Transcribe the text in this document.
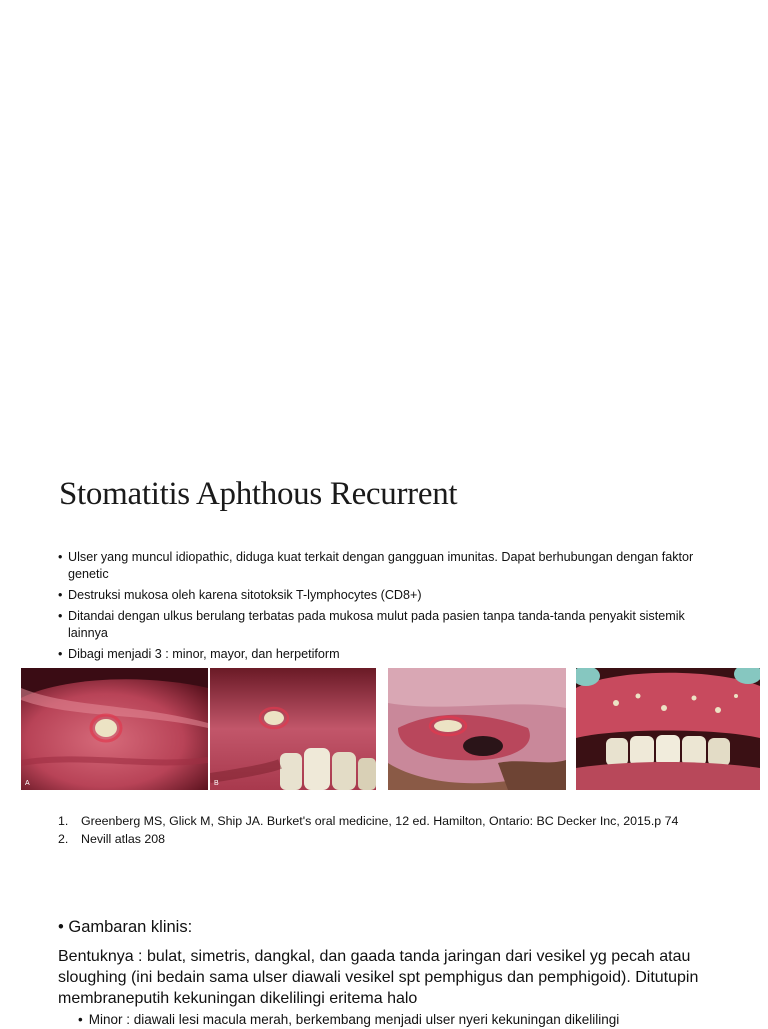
Stomatitis Aphthous Recurrent
• Ulser yang muncul idiopathic, diduga kuat terkait dengan gangguan imunitas. Dapat berhubungan dengan faktor genetic
• Destruksi mukosa oleh karena sitotoksik T-lymphocytes (CD8+)
• Ditandai dengan ulkus berulang terbatas pada mukosa mulut pada pasien tanpa tanda-tanda penyakit sistemik lainnya
• Dibagi menjadi 3 : minor, mayor, dan herpetiform
A	B
1. Greenberg MS, Glick M, Ship JA. Burket's oral medicine, 12 ed. Hamilton, Ontario: BC Decker Inc, 2015.p 74
2. Nevill atlas 208
• Gambaran klinis:

Bentuknya : bulat, simetris, dangkal, dan gaada tanda jaringan dari vesikel yg pecah atau sloughing (ini bedain sama ulser diawali vesikel spt pemphigus dan pemphigoid). Ditutupin membraneputih kekuningan dikelilingi eritema halo

• Minor : diawali lesi macula merah, berkembang menjadi ulser nyeri kekuningan dikelilingi
